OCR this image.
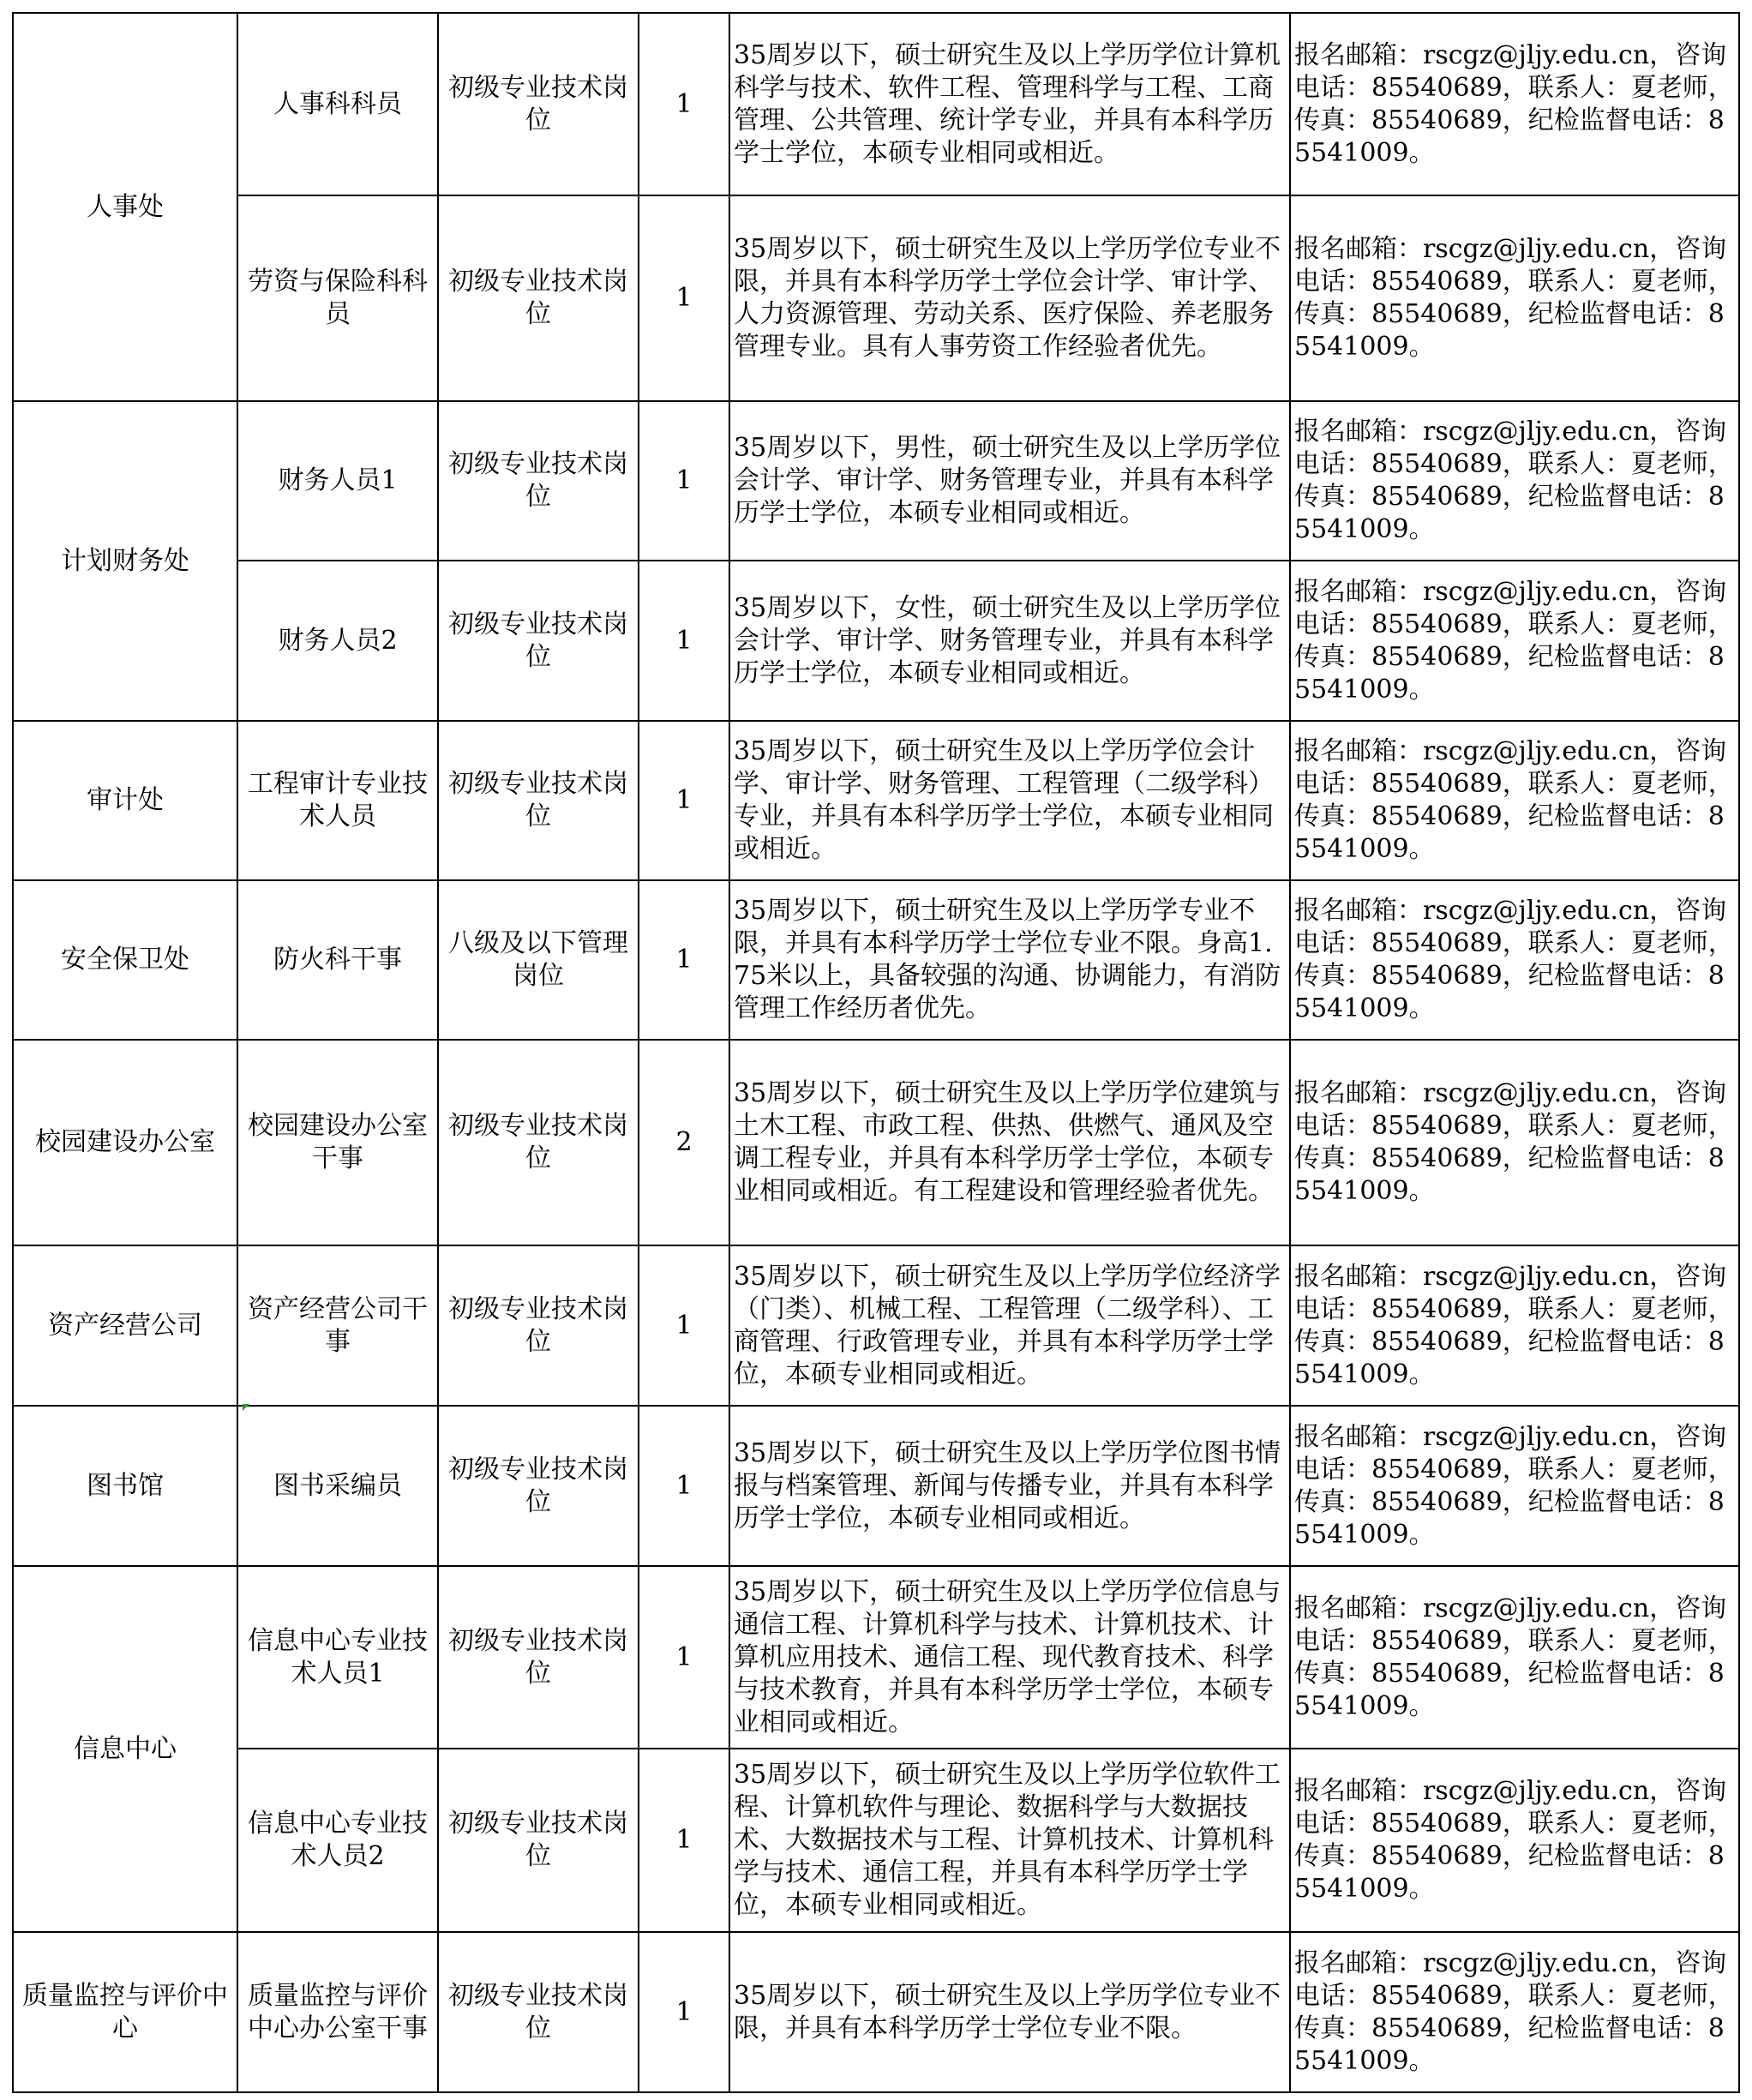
人事处	人事科科员	初级专业技术岗位	1	35周岁以下，硕士研究生及以上学历学位计算机科学与技术、软件工程、管理科学与工程、工商管理、公共管理、统计学专业，并具有本科学历学士学位，本硕专业相同或相近。	报名邮箱：rscgz@jljy.edu.cn，咨询电话：85540689，联系人：夏老师，传真：85540689，纪检监督电话：85541009。
	劳资与保险科科员	初级专业技术岗位	1	35周岁以下，硕士研究生及以上学历学位专业不限，并具有本科学历学士学位会计学、审计学、人力资源管理、劳动关系、医疗保险、养老服务管理专业。具有人事劳资工作经验者优先。	报名邮箱：rscgz@jljy.edu.cn，咨询电话：85540689，联系人：夏老师，传真：85540689，纪检监督电话：85541009。
计划财务处	财务人员1	初级专业技术岗位	1	35周岁以下，男性，硕士研究生及以上学历学位会计学、审计学、财务管理专业，并具有本科学历学士学位，本硕专业相同或相近。	报名邮箱：rscgz@jljy.edu.cn，咨询电话：85540689，联系人：夏老师，传真：85540689，纪检监督电话：85541009。
	财务人员2	初级专业技术岗位	1	35周岁以下，女性，硕士研究生及以上学历学位会计学、审计学、财务管理专业，并具有本科学历学士学位，本硕专业相同或相近。	报名邮箱：rscgz@jljy.edu.cn，咨询电话：85540689，联系人：夏老师，传真：85540689，纪检监督电话：85541009。
审计处	工程审计专业技术人员	初级专业技术岗位	1	35周岁以下，硕士研究生及以上学历学位会计学、审计学、财务管理、工程管理（二级学科）专业，并具有本科学历学士学位，本硕专业相同或相近。	报名邮箱：rscgz@jljy.edu.cn，咨询电话：85540689，联系人：夏老师，传真：85540689，纪检监督电话：85541009。
安全保卫处	防火科干事	八级及以下管理岗位	1	35周岁以下，硕士研究生及以上学历学专业不限，并具有本科学历学士学位专业不限。身高1.75米以上，具备较强的沟通、协调能力，有消防管理工作经历者优先。	报名邮箱：rscgz@jljy.edu.cn，咨询电话：85540689，联系人：夏老师，传真：85540689，纪检监督电话：85541009。
校园建设办公室	校园建设办公室干事	初级专业技术岗位	2	35周岁以下，硕士研究生及以上学历学位建筑与土木工程、市政工程、供热、供燃气、通风及空调工程专业，并具有本科学历学士学位，本硕专业相同或相近。有工程建设和管理经验者优先。	报名邮箱：rscgz@jljy.edu.cn，咨询电话：85540689，联系人：夏老师，传真：85540689，纪检监督电话：85541009。
资产经营公司	资产经营公司干事	初级专业技术岗位	1	35周岁以下，硕士研究生及以上学历学位经济学（门类）、机械工程、工程管理（二级学科）、工商管理、行政管理专业，并具有本科学历学士学位，本硕专业相同或相近。	报名邮箱：rscgz@jljy.edu.cn，咨询电话：85540689，联系人：夏老师，传真：85540689，纪检监督电话：85541009。
图书馆	图书采编员	初级专业技术岗位	1	35周岁以下，硕士研究生及以上学历学位图书情报与档案管理、新闻与传播专业，并具有本科学历学士学位，本硕专业相同或相近。	报名邮箱：rscgz@jljy.edu.cn，咨询电话：85540689，联系人：夏老师，传真：85540689，纪检监督电话：85541009。
信息中心	信息中心专业技术人员1	初级专业技术岗位	1	35周岁以下，硕士研究生及以上学历学位信息与通信工程、计算机科学与技术、计算机技术、计算机应用技术、通信工程、现代教育技术、科学与技术教育，并具有本科学历学士学位，本硕专业相同或相近。	报名邮箱：rscgz@jljy.edu.cn，咨询电话：85540689，联系人：夏老师，传真：85540689，纪检监督电话：85541009。
	信息中心专业技术人员2	初级专业技术岗位	1	35周岁以下，硕士研究生及以上学历学位软件工程、计算机软件与理论、数据科学与大数据技术、大数据技术与工程、计算机技术、计算机科学与技术、通信工程，并具有本科学历学士学位，本硕专业相同或相近。	报名邮箱：rscgz@jljy.edu.cn，咨询电话：85540689，联系人：夏老师，传真：85540689，纪检监督电话：85541009。
质量监控与评价中心	质量监控与评价中心办公室干事	初级专业技术岗位	1	35周岁以下，硕士研究生及以上学历学位专业不限，并具有本科学历学士学位专业不限。	报名邮箱：rscgz@jljy.edu.cn，咨询电话：85540689，联系人：夏老师，传真：85540689，纪检监督电话：85541009。
